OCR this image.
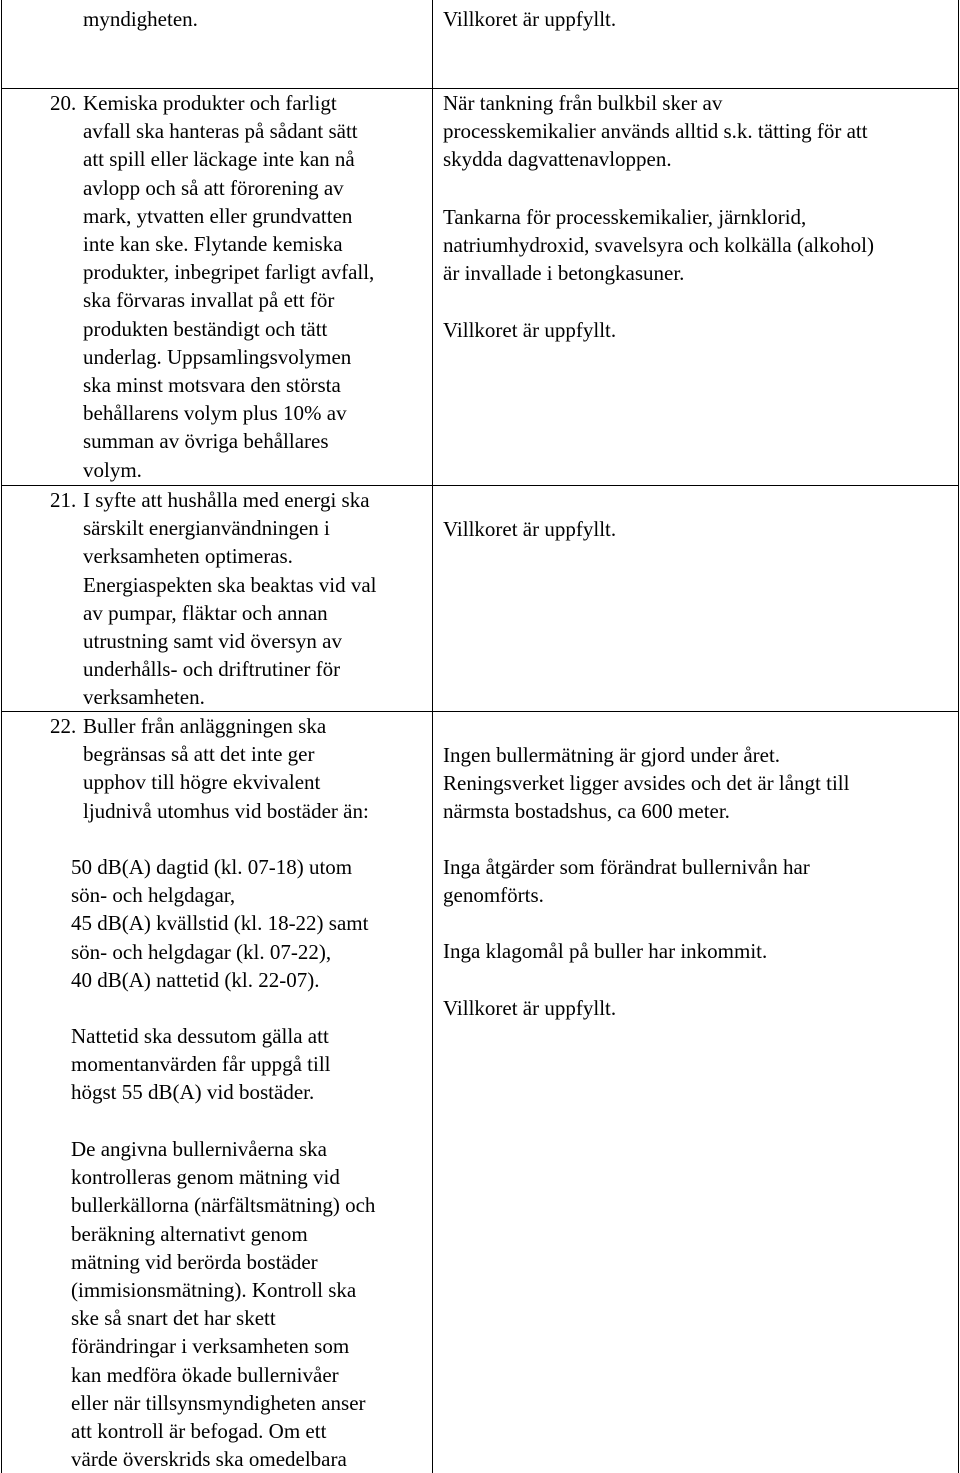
myndigheten.	Villkoret är uppfyllt.

20. Kemiska produkter och farligt

avfall ska hanteras på sådant sätt

att spill eller läckage inte kan nå

avlopp och så att förorening av

mark, ytvatten eller grundvatten

inte kan ske. Flytande kemiska

produkter, inbegripet farligt avfall,

ska förvaras invallat på ett för

produkten beständigt och tätt

underlag. Uppsamlingsvolymen

ska minst motsvara den största

behållarens volym plus 10% av

summan av övriga behållares

volym.

När tankning från bulkbil sker av

processkemikalier används alltid s.k. tätting för att

skydda dagvattenavloppen.

Tankarna för processkemikalier, järnklorid,

natriumhydroxid, svavelsyra och kolkälla (alkohol)

är invallade i betongkasuner.

Villkoret är uppfyllt.

21. I syfte att hushålla med energi ska

särskilt energianvändningen i

verksamheten optimeras.

Energiaspekten ska beaktas vid val

av pumpar, fläktar och annan

utrustning samt vid översyn av

underhålls- och driftrutiner för

verksamheten.

Villkoret är uppfyllt.

22. Buller från anläggningen ska

begränsas så att det inte ger

upphov till högre ekvivalent

ljudnivå utomhus vid bostäder än:

50 dB(A) dagtid (kl. 07-18) utom

sön- och helgdagar,

45 dB(A) kvällstid (kl. 18-22) samt

sön- och helgdagar (kl. 07-22),

40 dB(A) nattetid (kl. 22-07).

Nattetid ska dessutom gälla att

momentanvärden får uppgå till

högst 55 dB(A) vid bostäder.

De angivna bullernivåerna ska

kontrolleras genom mätning vid

bullerkällorna (närfältsmätning) och

beräkning alternativt genom

mätning vid berörda bostäder

(immisionsmätning). Kontroll ska

ske så snart det har skett

förändringar i verksamheten som

kan medföra ökade bullernivåer

eller när tillsynsmyndigheten anser

att kontroll är befogad. Om ett

värde överskrids ska omedelbara

Ingen bullermätning är gjord under året.

Reningsverket ligger avsides och det är långt till

närmsta bostadshus, ca 600 meter.

Inga åtgärder som förändrat bullernivån har

genomförts.

Inga klagomål på buller har inkommit.

Villkoret är uppfyllt.
